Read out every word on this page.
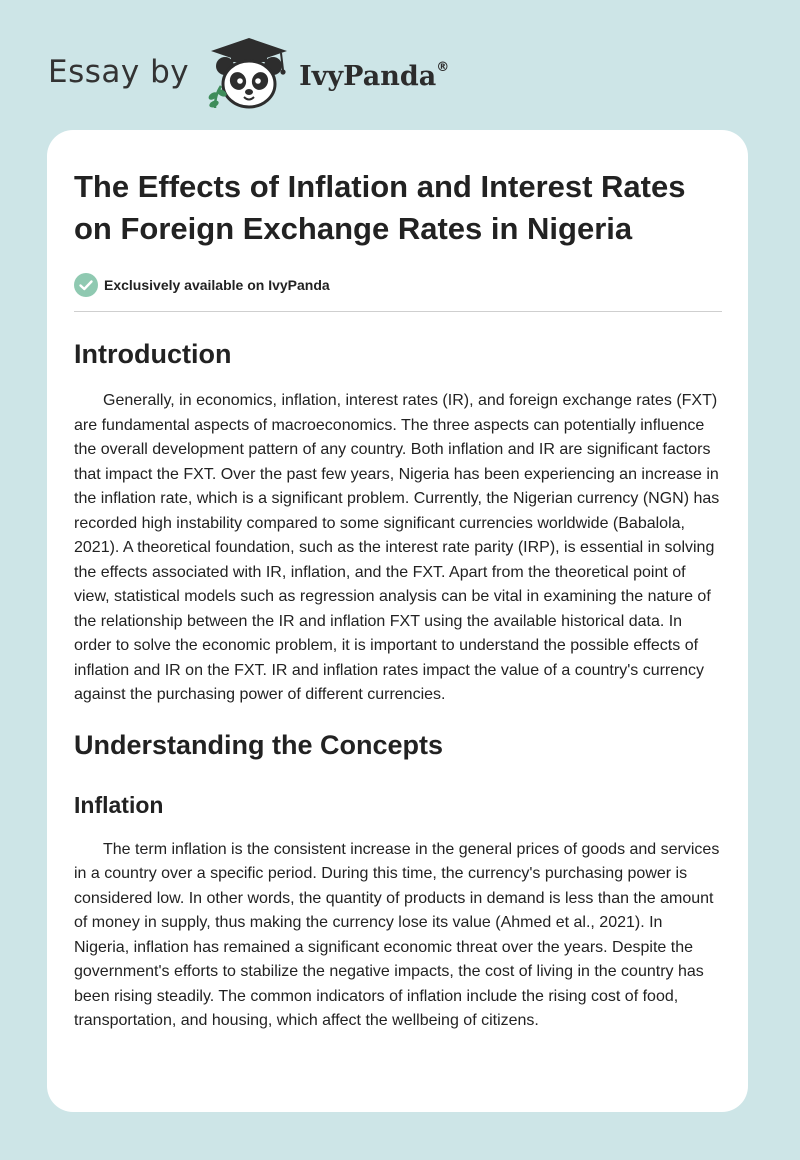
Essay by	IvyPanda®
The Effects of Inflation and Interest Rates on Foreign Exchange Rates in Nigeria
Exclusively available on IvyPanda
Introduction

Generally, in economics, inflation, interest rates (IR), and foreign exchange rates (FXT) are fundamental aspects of macroeconomics. The three aspects can potentially influence the overall development pattern of any country. Both inflation and IR are significant factors that impact the FXT. Over the past few years, Nigeria has been experiencing an increase in the inflation rate, which is a significant problem. Currently, the Nigerian currency (NGN) has recorded high instability compared to some significant currencies worldwide (Babalola, 2021). A theoretical foundation, such as the interest rate parity (IRP), is essential in solving the effects associated with IR, inflation, and the FXT. Apart from the theoretical point of view, statistical models such as regression analysis can be vital in examining the nature of the relationship between the IR and inflation FXT using the available historical data. In order to solve the economic problem, it is important to understand the possible effects of inflation and IR on the FXT. IR and inflation rates impact the value of a country's currency against the purchasing power of different currencies.

Understanding the Concepts
Inflation

The term inflation is the consistent increase in the general prices of goods and services in a country over a specific period. During this time, the currency's purchasing power is considered low. In other words, the quantity of products in demand is less than the amount of money in supply, thus making the currency lose its value (Ahmed et al., 2021). In Nigeria, inflation has remained a significant economic threat over the years. Despite the government's efforts to stabilize the negative impacts, the cost of living in the country has been rising steadily. The common indicators of inflation include the rising cost of food, transportation, and housing, which affect the wellbeing of citizens.
